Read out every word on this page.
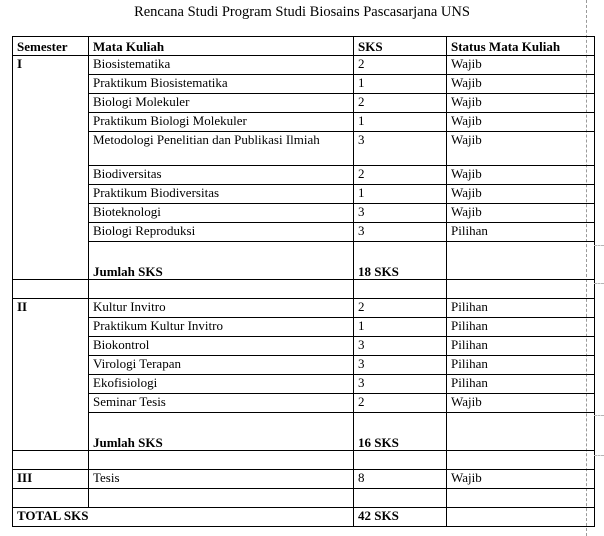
Rencana Studi Program Studi Biosains Pascasarjana UNS
Semester	Mata Kuliah	SKS	Status Mata Kuliah
I	Biosistematika	2	Wajib
	Praktikum Biosistematika	1	Wajib
	Biologi Molekuler	2	Wajib
	Praktikum Biologi Molekuler	1	Wajib
	Metodologi Penelitian dan Publikasi Ilmiah	3	Wajib
	Biodiversitas	2	Wajib
	Praktikum Biodiversitas	1	Wajib
	Bioteknologi	3	Wajib
	Biologi Reproduksi	3	Pilihan

	Jumlah SKS	18 SKS	

II	Kultur Invitro	2	Pilihan
	Praktikum Kultur Invitro	1	Pilihan
	Biokontrol	3	Pilihan
	Virologi Terapan	3	Pilihan
	Ekofisiologi	3	Pilihan
	Seminar Tesis	2	Wajib

	Jumlah SKS	16 SKS	

III	Tesis	8	Wajib

TOTAL SKS		42 SKS	
